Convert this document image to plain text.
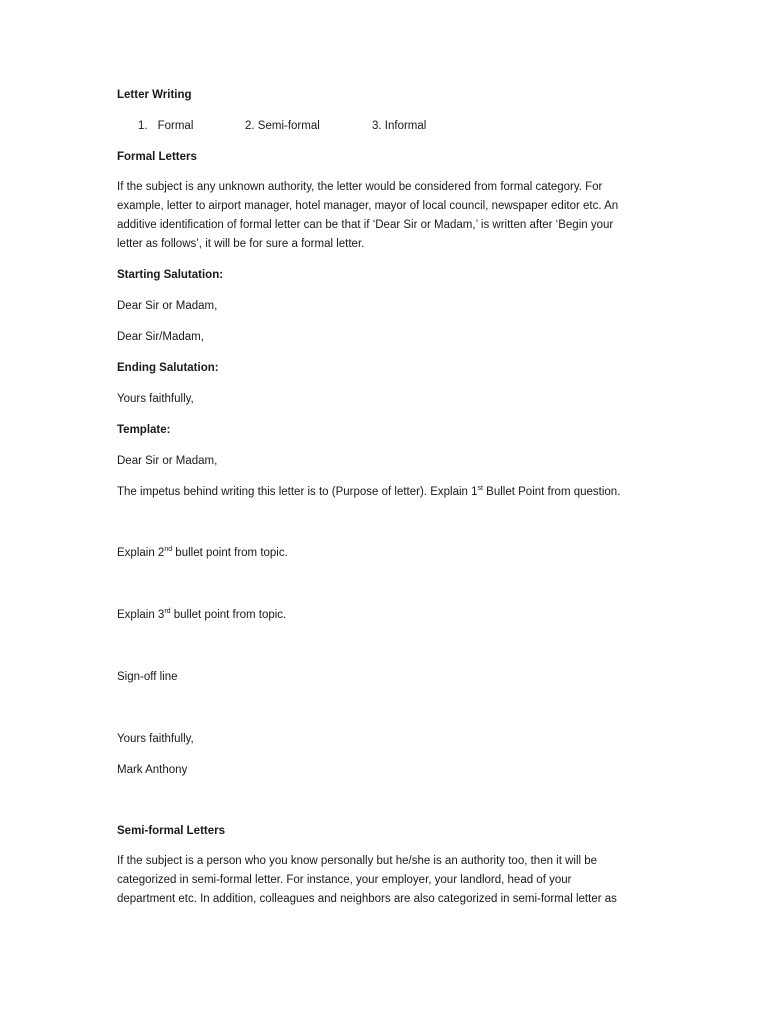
Letter Writing
1. Formal	2. Semi-formal	3. Informal
Formal Letters
If the subject is any unknown authority, the letter would be considered from formal category. For
example, letter to airport manager, hotel manager, mayor of local council, newspaper editor etc. An
additive identification of formal letter can be that if ‘Dear Sir or Madam,’ is written after ‘Begin your
letter as follows’, it will be for sure a formal letter.
Starting Salutation:
Dear Sir or Madam,
Dear Sir/Madam,
Ending Salutation:
Yours faithfully,
Template:
Dear Sir or Madam,
The impetus behind writing this letter is to (Purpose of letter). Explain 1st Bullet Point from question.
Explain 2nd bullet point from topic.
Explain 3rd bullet point from topic.
Sign-off line
Yours faithfully,
Mark Anthony
Semi-formal Letters
If the subject is a person who you know personally but he/she is an authority too, then it will be
categorized in semi-formal letter. For instance, your employer, your landlord, head of your
department etc. In addition, colleagues and neighbors are also categorized in semi-formal letter as
